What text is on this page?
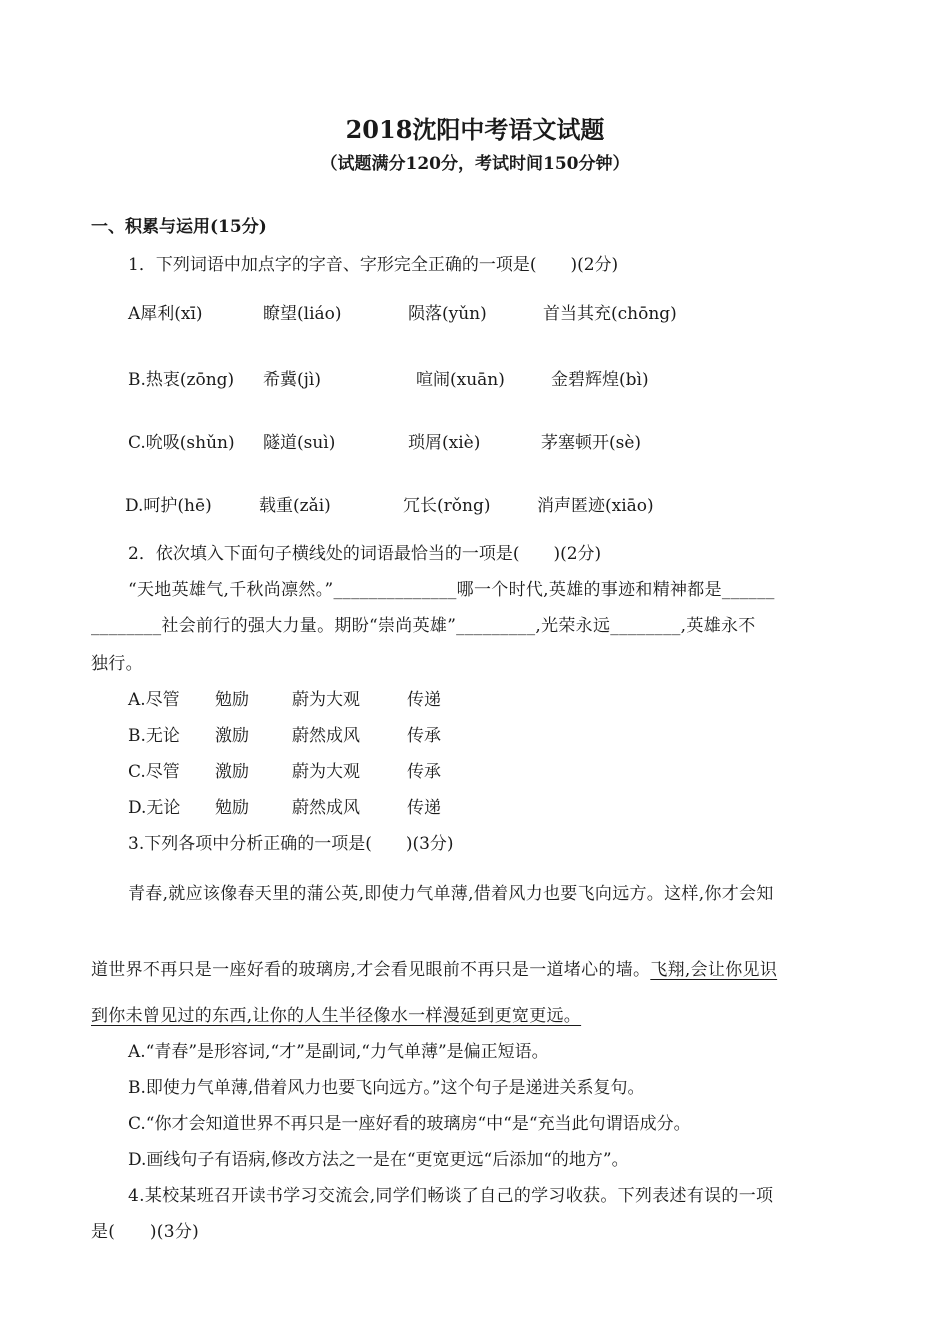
2018沈阳中考语文试题
（试题满分120分，考试时间150分钟）
一、积累与运用(15分)
1．下列词语中加点字的字音、字形完全正确的一项是(　　)(2分)
A犀利(xī)	瞭望(liáo)	陨落(yǔn)	首当其充(chōng)
B.热衷(zōng) 希冀(jì)	喧闹(xuān)	金碧辉煌(bì)
C.吮吸(shǔn) 隧道(suì)	琐屑(xiè)	茅塞顿开(sè)
D.呵护(hē)	载重(zǎi)	冗长(rǒng)	消声匿迹(xiāo)
2．依次填入下面句子横线处的词语最恰当的一项是(　　)(2分)
“天地英雄气,千秋尚凛然。”______________哪一个时代,英雄的事迹和精神都是______
________社会前行的强大力量。期盼“崇尚英雄”_________,光荣永远________,英雄永不
独行。
A.尽管 勉励	蔚为大观	传递
B.无论 激励	蔚然成风	传承
C.尽管 激励	蔚为大观	传承
D.无论 勉励	蔚然成风	传递
3.下列各项中分析正确的一项是(　　)(3分)
青春,就应该像春天里的蒲公英,即使力气单薄,借着风力也要飞向远方。这样,你才会知
道世界不再只是一座好看的玻璃房,才会看见眼前不再只是一道堵心的墙。飞翔,会让你见识
到你未曾见过的东西,让你的人生半径像水一样漫延到更宽更远。
A.“青春”是形容词,“才”是副词,“力气单薄”是偏正短语。
B.即使力气单薄,借着风力也要飞向远方。”这个句子是递进关系复句。
C.“你才会知道世界不再只是一座好看的玻璃房“中“是“充当此句谓语成分。
D.画线句子有语病,修改方法之一是在“更宽更远“后添加“的地方”。
4.某校某班召开读书学习交流会,同学们畅谈了自己的学习收获。下列表述有误的一项
是(　　)(3分)
